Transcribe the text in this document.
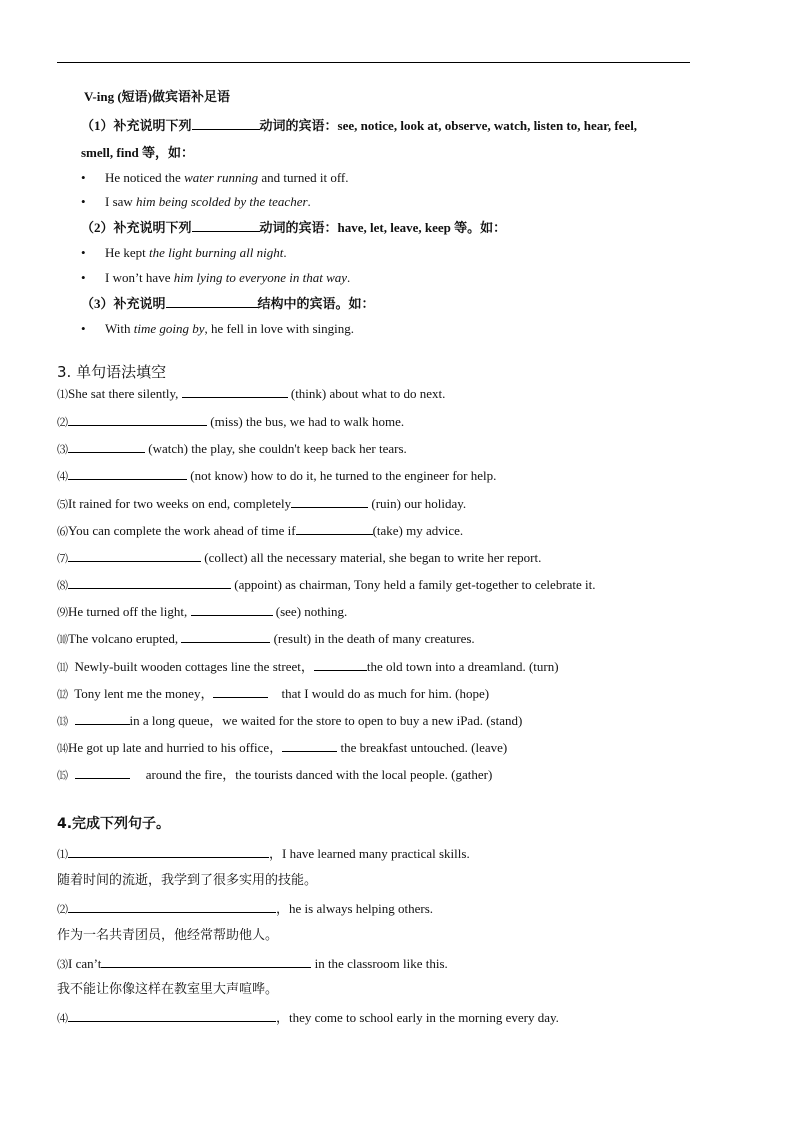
V-ing (短语)做宾语补足语
（1）补充说明下列	动词的宾语：see, notice, look at, observe, watch, listen to, hear, feel,
smell, find 等，如：
• He noticed the water running and turned it off.
• I saw him being scolded by the teacher.
（2）补充说明下列	动词的宾语：have, let, leave, keep 等。如：
• He kept the light burning all night.
• I won’t have him lying to everyone in that way.
（3）补充说明	结构中的宾语。如：
• With time going by, he fell in love with singing.
3. 单句语法填空
⑴She sat there silently,	(think) about what to do next.
⑵	(miss) the bus, we had to walk home.
⑶	(watch) the play, she couldn't keep back her tears.
⑷	(not know) how to do it, he turned to the engineer for help.
⑸It rained for two weeks on end, completely	(ruin) our holiday.
⑹You can complete the work ahead of time if	(take) my advice.
⑺	(collect) all the necessary material, she began to write her report.
⑻	(appoint) as chairman, Tony held a family get‑together to celebrate it.
⑼He turned off the light,	(see) nothing.
⑽The volcano erupted,	(result) in the death of many creatures.
⑾  Newly‑built wooden cottages line the street，	the old town into a dreamland. (turn)
⑿  Tony lent me the money，	that I would do as much for him. (hope)
⒀	in a long queue，we waited for the store to open to buy a new iPad. (stand)
⒁He got up late and hurried to his office，	the breakfast untouched. (leave)
⒂	around the fire，the tourists danced with the local people. (gather)
4.完成下列句子。
⑴	，I have learned many practical skills.
随着时间的流逝，我学到了很多实用的技能。
⑵	，he is always helping others.
作为一名共青团员，他经常帮助他人。
⑶I can’t	in the classroom like this.
我不能让你像这样在教室里大声喧哗。
⑷	，they come to school early in the morning every day.
